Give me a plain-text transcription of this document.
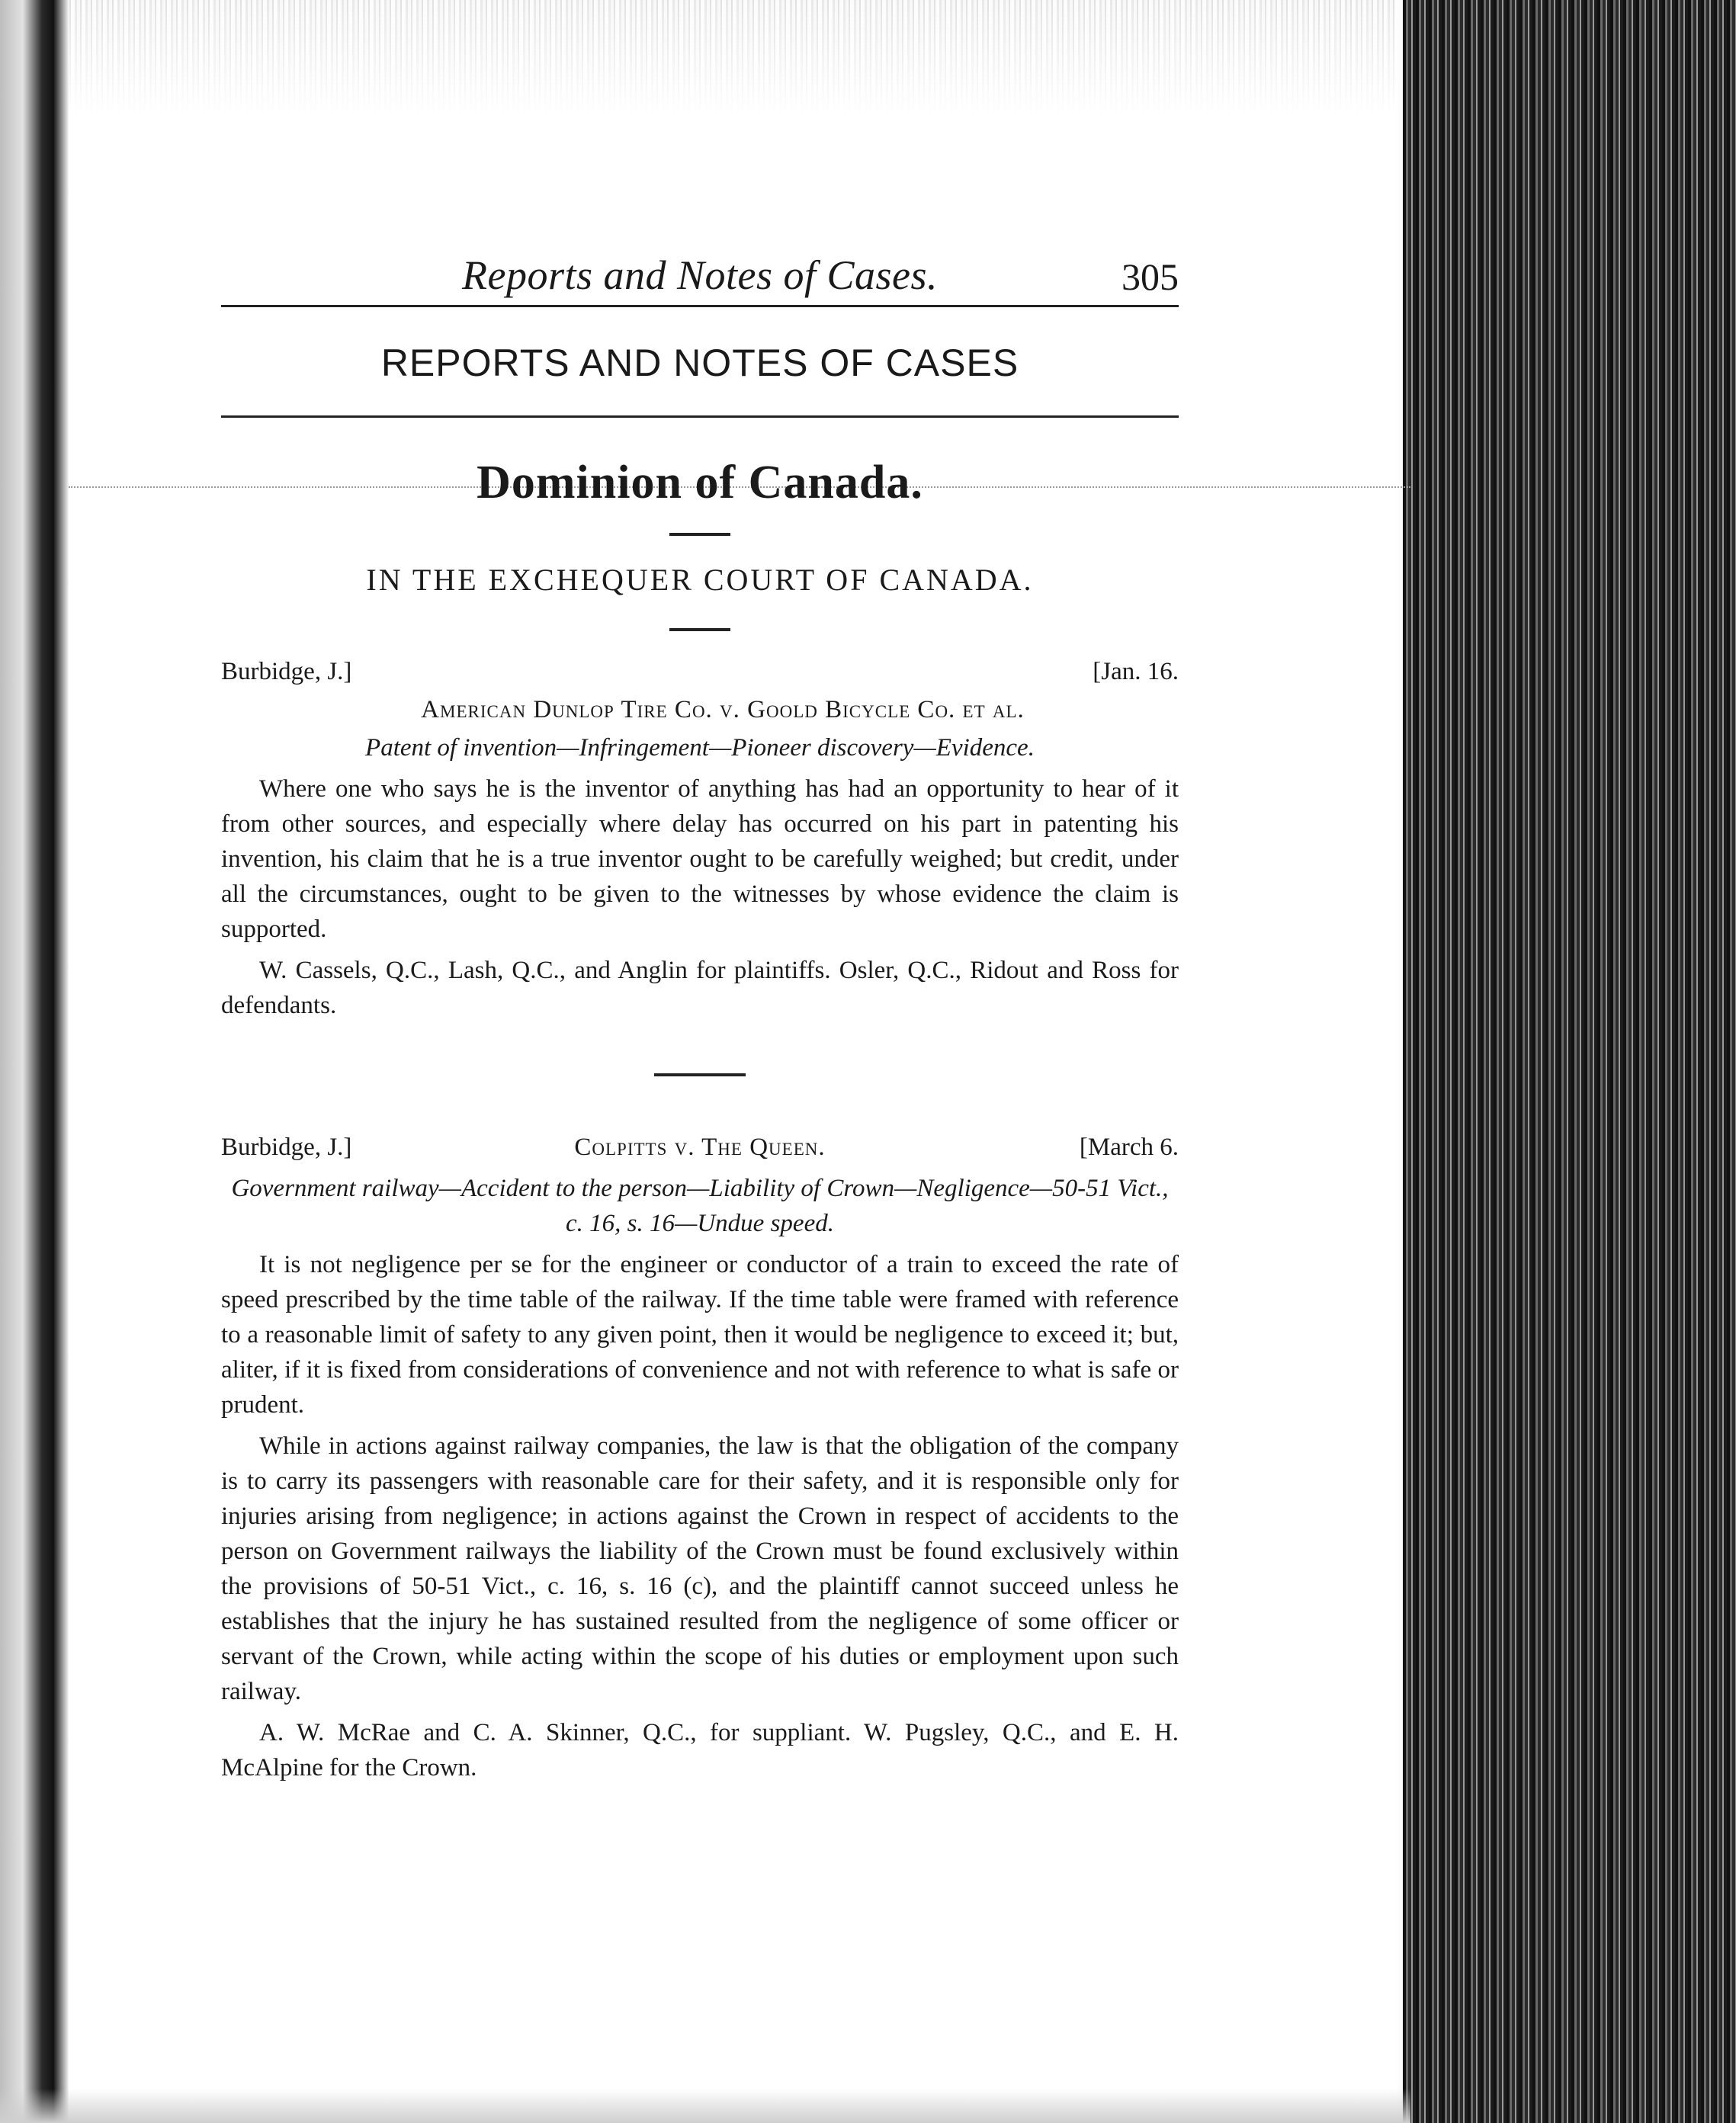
Reports and Notes of Cases.	305
REPORTS AND NOTES OF CASES
Dominion of Canada.
IN THE EXCHEQUER COURT OF CANADA.
Burbidge, J.]	[Jan. 16.
American Dunlop Tire Co. v. Goold Bicycle Co. et al.
Patent of invention—Infringement—Pioneer discovery—Evidence.

Where one who says he is the inventor of anything has had an opportunity to hear of it from other sources, and especially where delay has occurred on his part in patenting his invention, his claim that he is a true inventor ought to be carefully weighed; but credit, under all the circumstances, ought to be given to the witnesses by whose evidence the claim is supported.

W. Cassels, Q.C., Lash, Q.C., and Anglin for plaintiffs. Osler, Q.C., Ridout and Ross for defendants.

Burbidge, J.]	Colpitts v. The Queen.	[March 6.
Government railway—Accident to the person—Liability of Crown—Negligence—50-51 Vict., c. 16, s. 16—Undue speed.

It is not negligence per se for the engineer or conductor of a train to exceed the rate of speed prescribed by the time table of the railway. If the time table were framed with reference to a reasonable limit of safety to any given point, then it would be negligence to exceed it; but, aliter, if it is fixed from considerations of convenience and not with reference to what is safe or prudent.

While in actions against railway companies, the law is that the obligation of the company is to carry its passengers with reasonable care for their safety, and it is responsible only for injuries arising from negligence; in actions against the Crown in respect of accidents to the person on Government railways the liability of the Crown must be found exclusively within the provisions of 50-51 Vict., c. 16, s. 16 (c), and the plaintiff cannot succeed unless he establishes that the injury he has sustained resulted from the negligence of some officer or servant of the Crown, while acting within the scope of his duties or employment upon such railway.

A. W. McRae and C. A. Skinner, Q.C., for suppliant. W. Pugsley, Q.C., and E. H. McAlpine for the Crown.
